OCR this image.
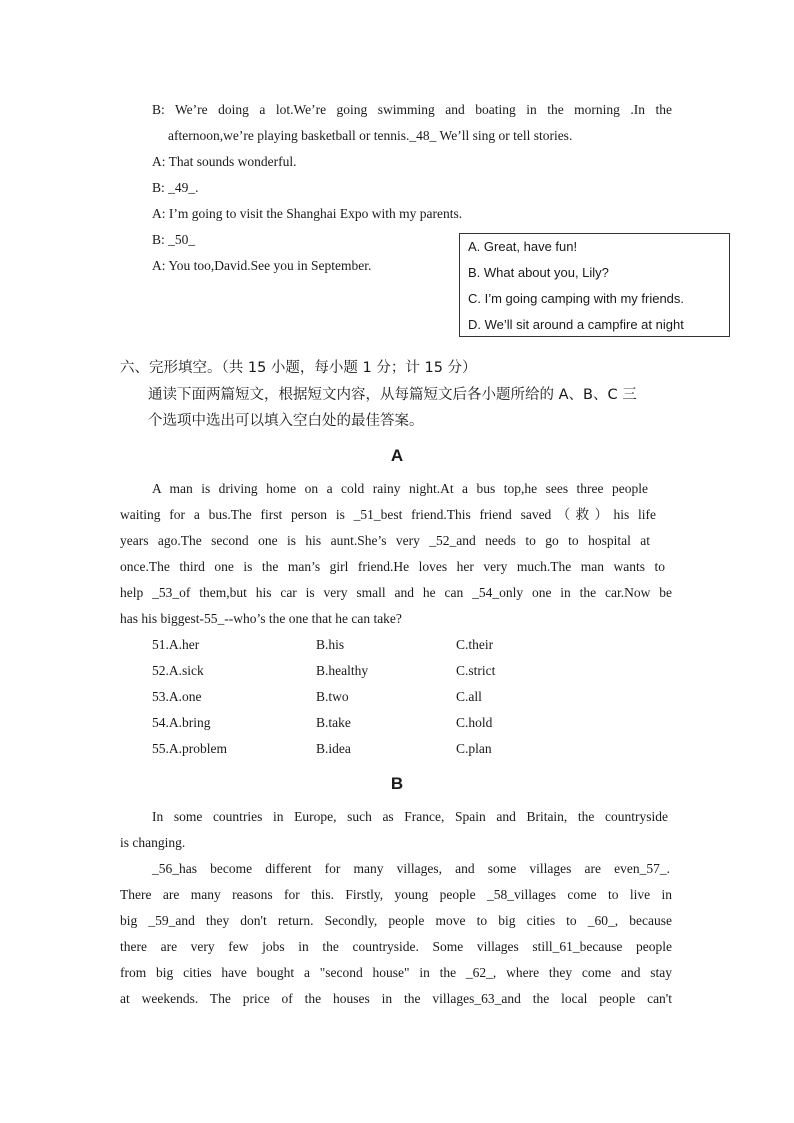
B: We’re doing a lot.We’re going swimming and boating in the morning .In the
afternoon,we’re playing basketball or tennis._48_ We’ll sing or tell stories.
A: That sounds wonderful.
B: _49_.
A: I’m going to visit the Shanghai Expo with my parents.
B: _50_
A: You too,David.See you in September.
A. Great, have fun!
B. What about you, Lily?
C. I’m going camping with my friends.
D. We’ll sit around a campfire at night
六、完形填空。（共 15 小题，每小题 1 分；计 15 分）
通读下面两篇短文，根据短文内容，从每篇短文后各小题所给的 A、B、C 三
个选项中选出可以填入空白处的最佳答案。
A
A man is driving home on a cold rainy night.At a bus top,he sees three people
waiting for a bus.The first person is _51_best friend.This friend saved（救）his life
years ago.The second one is his aunt.She’s very _52_and needs to go to hospital at
once.The third one is the man’s girl friend.He loves her very much.The man wants to
help _53_of them,but his car is very small and he can _54_only one in the car.Now be
has his biggest-55_--who’s the one that he can take?
51.A.her	B.his	C.their
52.A.sick	B.healthy	C.strict
53.A.one	B.two	C.all
54.A.bring	B.take	C.hold
55.A.problem	B.idea	C.plan
B
In some countries in Europe, such as France, Spain and Britain, the countryside
is changing.
_56_has become different for many villages, and some villages are even_57_.
There are many reasons for this. Firstly, young people _58_villages come to live in
big _59_and they don't return. Secondly, people move to big cities to _60_, because
there are very few jobs in the countryside. Some villages still_61_because people
from big cities have bought a "second house" in the _62_, where they come and stay
at weekends. The price of the houses in the villages_63_and the local people can't
